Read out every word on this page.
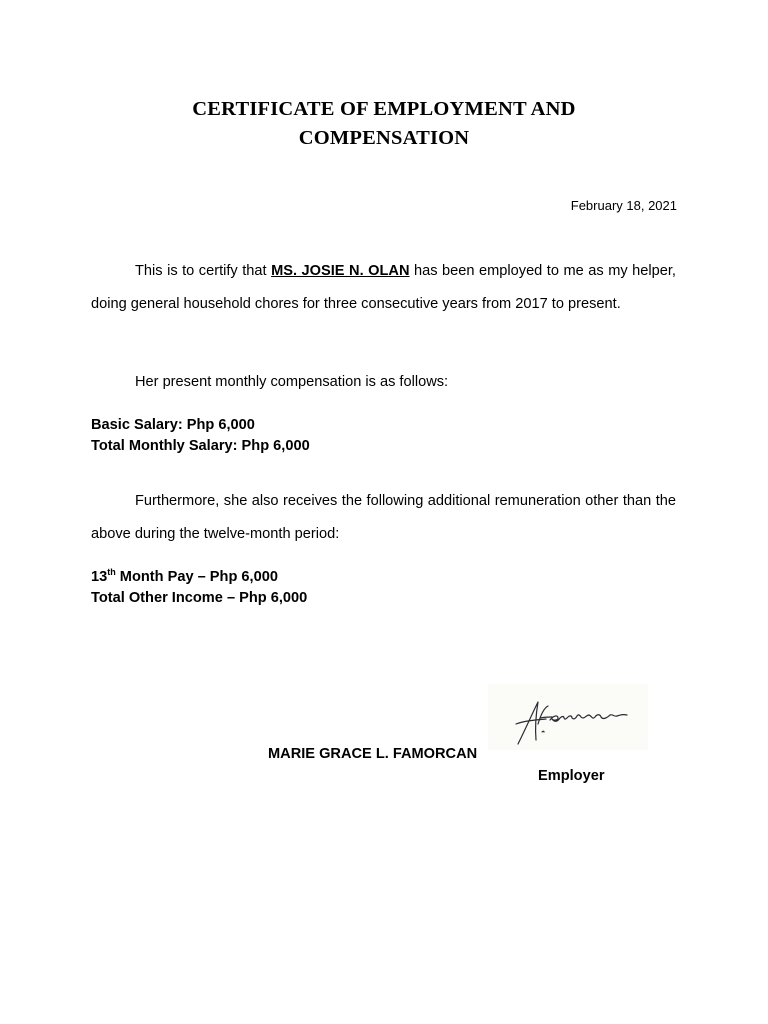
CERTIFICATE OF EMPLOYMENT AND
COMPENSATION
February 18, 2021
This is to certify that MS. JOSIE N. OLAN has been employed to me as my helper, doing general household chores for three consecutive years from 2017 to present.
Her present monthly compensation is as follows:
Basic Salary: Php 6,000
Total Monthly Salary: Php 6,000
Furthermore, she also receives the following additional remuneration other than the above during the twelve-month period:
13th Month Pay – Php 6,000
Total Other Income – Php 6,000
MARIE GRACE L. FAMORCAN
Employer
